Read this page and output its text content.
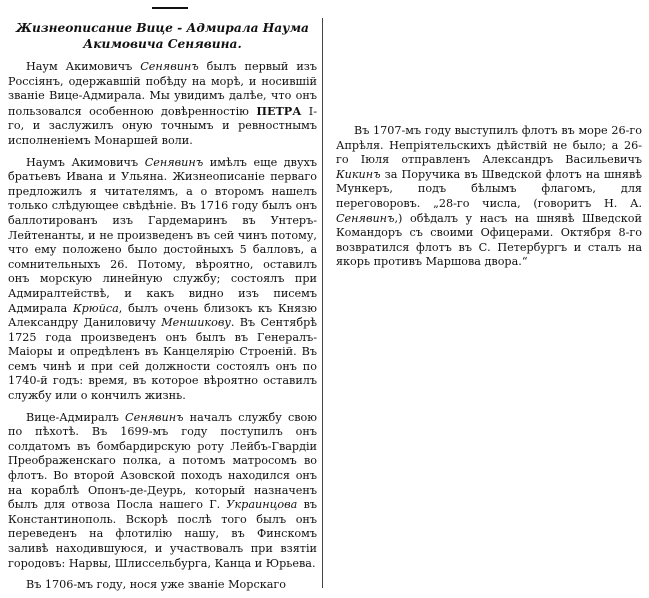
Жизнеописание Вице - Адмирала Наума Акимовича Сенявина.

Наум Акимовичъ Сенявинъ былъ первый изъ Россіянъ, одержавшій побѣду на морѣ, и носившій званіе Вице-Адмирала. Мы увидимъ далѣе, что онъ пользовался особенною довѣренностію ПЕТРА I-го, и заслужилъ оную точнымъ и ревностнымъ исполненіемъ Монаршей воли.

Наумъ Акимовичъ Сенявинъ имѣлъ еще двухъ братьевъ Ивана и Ульяна. Жизнеописаніе перваго предложилъ я читателямъ, а о второмъ нашелъ только слѣдующее свѣдѣніе. Въ 1716 году былъ онъ баллотированъ изъ Гардемаринъ въ Унтеръ-Лейтенанты, и не произведенъ въ сей чинъ потому, что ему положено было достойныхъ 5 балловъ, а сомнительныхъ 26. Потому, вѣроятно, оставилъ онъ морскую линейную службу; состоялъ при Адмиралтействѣ, и какъ видно изъ писемъ Адмирала Крюйса, былъ очень близокъ къ Князю Александру Даниловичу Меншикову. Въ Сентябрѣ 1725 года произведенъ онъ былъ въ Генералъ-Маіоры и опредѣленъ въ Канцелярію Строеній. Въ семъ чинѣ и при сей должности состоялъ онъ по 1740-й годъ: время, въ которое вѣроятно оставилъ службу или о кончилъ жизнь.

Вице-Адмиралъ Сенявинъ началъ службу свою по пѣхотѣ. Въ 1699-мъ году поступилъ онъ солдатомъ въ бомбардирскую роту Лейбъ-Гвардіи Преображенскаго полка, а потомъ матросомъ во флотъ. Во второй Азовской походъ находился онъ на кораблѣ Опонъ-де-Деурь, который назначенъ былъ для отвоза Посла нашего Г. Украинцова въ Константинополь. Вскорѣ послѣ того былъ онъ переведенъ на флотилію нашу, въ Финскомъ заливѣ находившуюся, и участвовалъ при взятіи городовъ: Нарвы, Шлиссельбурга, Канца и Юрьева.

Въ 1706-мъ году, нося уже званіе Морскаго

Въ 1707-мъ году выступилъ флотъ въ море 26-го Апрѣля. Непріятельскихъ дѣйствій не было; а 26-го Іюля отправленъ Александръ Васильевичъ Кикинъ за Поручика въ Шведской флотъ на шнявѣ Мункеръ, подъ бѣлымъ флагомъ, для переговоровъ. „28-го числа, (говоритъ Н. А. Сенявинъ,) обѣдалъ у насъ на шнявѣ Шведской Командоръ съ своими Офицерами. Октября 8-го возвратился флотъ въ С. Петербургъ и сталъ на якорь противъ Маршова двора.“
